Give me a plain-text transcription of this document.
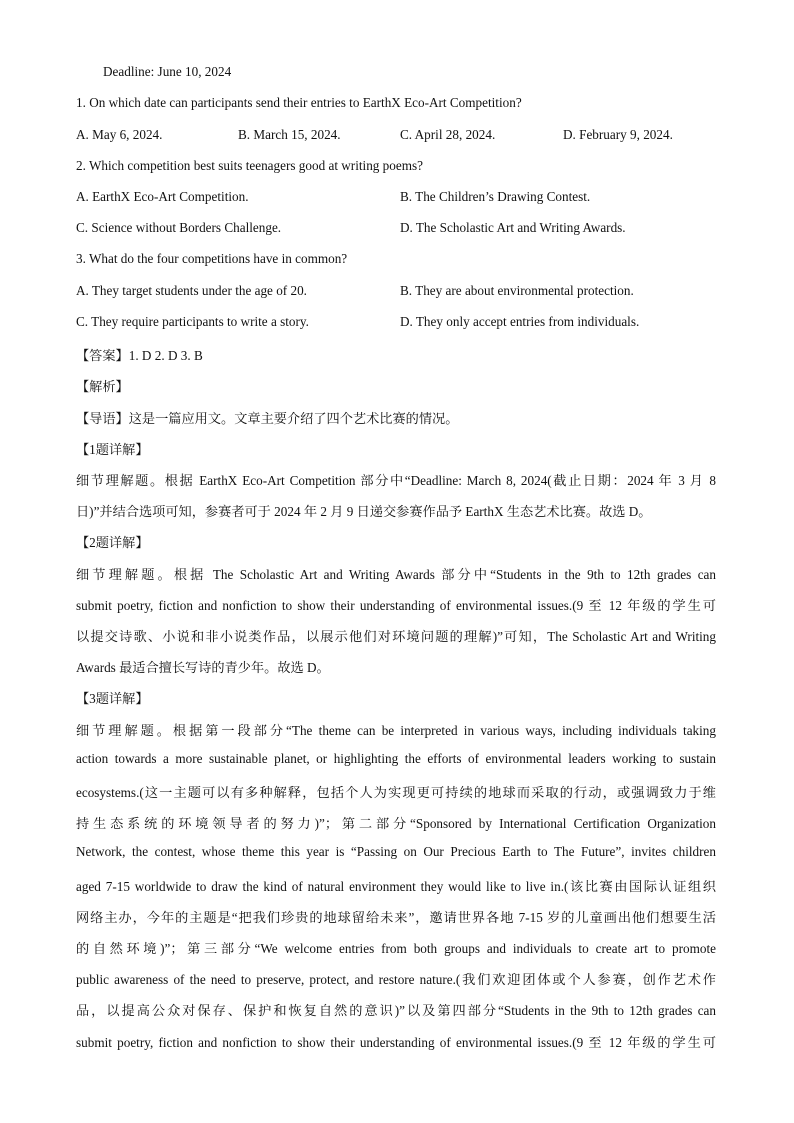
Deadline: June 10, 2024
1. On which date can participants send their entries to EarthX Eco-Art Competition?
A. May 6, 2024.	B. March 15, 2024.	C. April 28, 2024.	D. February 9, 2024.
2. Which competition best suits teenagers good at writing poems?
A. EarthX Eco-Art Competition.	B. The Children’s Drawing Contest.
C. Science without Borders Challenge.	D. The Scholastic Art and Writing Awards.
3. What do the four competitions have in common?
A. They target students under the age of 20.	B. They are about environmental protection.
C. They require participants to write a story.	D. They only accept entries from individuals.
【答案】1. D 2. D 3. B
【解析】
【导语】这是一篇应用文。文章主要介绍了四个艺术比赛的情况。
【1题详解】
细节理解题。根据 EarthX Eco-Art Competition 部分中“Deadline: March 8, 2024(截止日期：2024 年 3 月 8
日)”并结合选项可知，参赛者可于 2024 年 2 月 9 日递交参赛作品予 EarthX 生态艺术比赛。故选 D。
【2题详解】
细节理解题。根据 The Scholastic Art and Writing Awards 部分中“Students in the 9th to 12th grades can
submit poetry, fiction and nonfiction to show their understanding of environmental issues.(9 至 12 年级的学生可
以提交诗歌、小说和非小说类作品，以展示他们对环境问题的理解)”可知，The Scholastic Art and Writing
Awards 最适合擅长写诗的青少年。故选 D。
【3题详解】
细节理解题。根据第一段部分“The theme can be interpreted in various ways, including individuals taking
action towards a more sustainable planet, or highlighting the efforts of environmental leaders working to sustain
ecosystems.(这一主题可以有多种解释，包括个人为实现更可持续的地球而采取的行动，或强调致力于维
持生态系统的环境领导者的努力)”；第二部分“Sponsored by International Certification Organization
Network, the contest, whose theme this year is “Passing on Our Precious Earth to The Future”, invites children
aged 7-15 worldwide to draw the kind of natural environment they would like to live in.(该比赛由国际认证组织
网络主办，今年的主题是“把我们珍贵的地球留给未来”，邀请世界各地 7-15 岁的儿童画出他们想要生活
的自然环境)”；第三部分“We welcome entries from both groups and individuals to create art to promote
public awareness of the need to preserve, protect, and restore nature.(我们欢迎团体或个人参赛，创作艺术作
品，以提高公众对保存、保护和恢复自然的意识)”以及第四部分“Students in the 9th to 12th grades can
submit poetry, fiction and nonfiction to show their understanding of environmental issues.(9 至 12 年级的学生可
